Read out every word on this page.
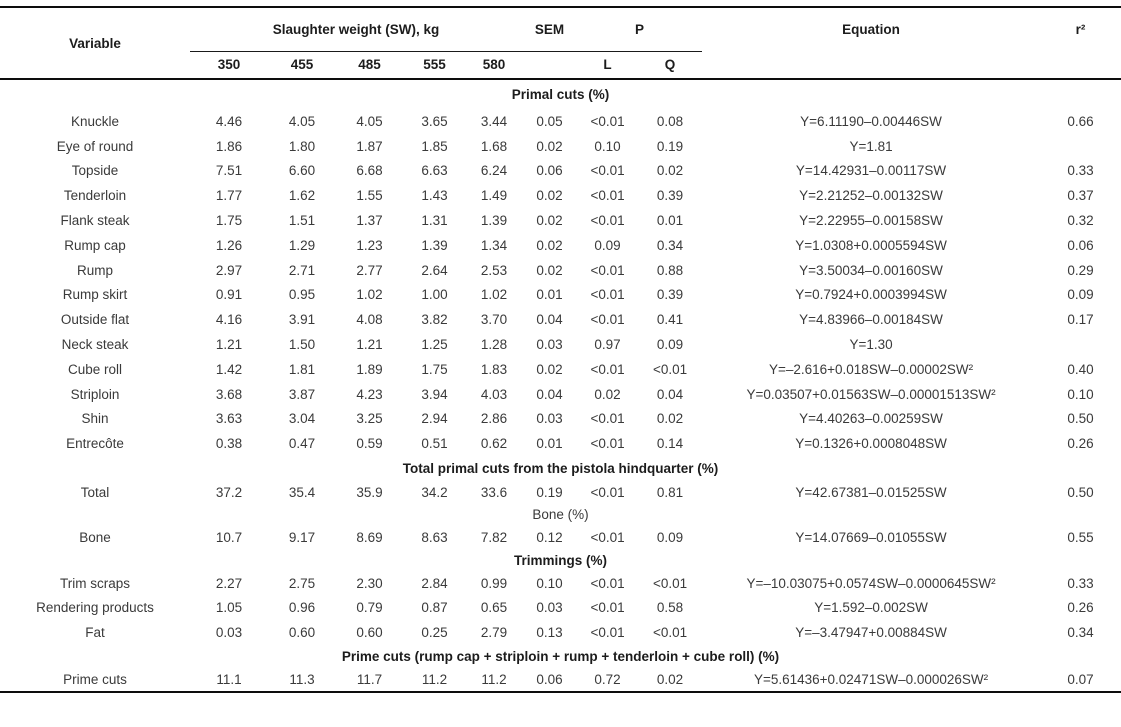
Variable	Slaughter weight (SW), kg					SEM	P		Equation	r²
	350	455	485	555	580		L	Q		
Primal cuts (%)										
Knuckle	4.46	4.05	4.05	3.65	3.44	0.05	<0.01	0.08	Y=6.11190–0.00446SW	0.66
Eye of round	1.86	1.80	1.87	1.85	1.68	0.02	0.10	0.19	Y=1.81	
Topside	7.51	6.60	6.68	6.63	6.24	0.06	<0.01	0.02	Y=14.42931–0.00117SW	0.33
Tenderloin	1.77	1.62	1.55	1.43	1.49	0.02	<0.01	0.39	Y=2.21252–0.00132SW	0.37
Flank steak	1.75	1.51	1.37	1.31	1.39	0.02	<0.01	0.01	Y=2.22955–0.00158SW	0.32
Rump cap	1.26	1.29	1.23	1.39	1.34	0.02	0.09	0.34	Y=1.0308+0.0005594SW	0.06
Rump	2.97	2.71	2.77	2.64	2.53	0.02	<0.01	0.88	Y=3.50034–0.00160SW	0.29
Rump skirt	0.91	0.95	1.02	1.00	1.02	0.01	<0.01	0.39	Y=0.7924+0.0003994SW	0.09
Outside flat	4.16	3.91	4.08	3.82	3.70	0.04	<0.01	0.41	Y=4.83966–0.00184SW	0.17
Neck steak	1.21	1.50	1.21	1.25	1.28	0.03	0.97	0.09	Y=1.30	
Cube roll	1.42	1.81	1.89	1.75	1.83	0.02	<0.01	<0.01	Y=–2.616+0.018SW–0.00002SW²	0.40
Striploin	3.68	3.87	4.23	3.94	4.03	0.04	0.02	0.04	Y=0.03507+0.01563SW–0.00001513SW²	0.10
Shin	3.63	3.04	3.25	2.94	2.86	0.03	<0.01	0.02	Y=4.40263–0.00259SW	0.50
Entrecôte	0.38	0.47	0.59	0.51	0.62	0.01	<0.01	0.14	Y=0.1326+0.0008048SW	0.26
Total primal cuts from the pistola hindquarter (%)										
Total	37.2	35.4	35.9	34.2	33.6	0.19	<0.01	0.81	Y=42.67381–0.01525SW	0.50
Bone (%)										
Bone	10.7	9.17	8.69	8.63	7.82	0.12	<0.01	0.09	Y=14.07669–0.01055SW	0.55
Trimmings (%)										
Trim scraps	2.27	2.75	2.30	2.84	0.99	0.10	<0.01	<0.01	Y=–10.03075+0.0574SW–0.0000645SW²	0.33
Rendering products	1.05	0.96	0.79	0.87	0.65	0.03	<0.01	0.58	Y=1.592–0.002SW	0.26
Fat	0.03	0.60	0.60	0.25	2.79	0.13	<0.01	<0.01	Y=–3.47947+0.00884SW	0.34
Prime cuts (rump cap + striploin + rump + tenderloin + cube roll) (%)										
Prime cuts	11.1	11.3	11.7	11.2	11.2	0.06	0.72	0.02	Y=5.61436+0.02471SW–0.000026SW²	0.07
